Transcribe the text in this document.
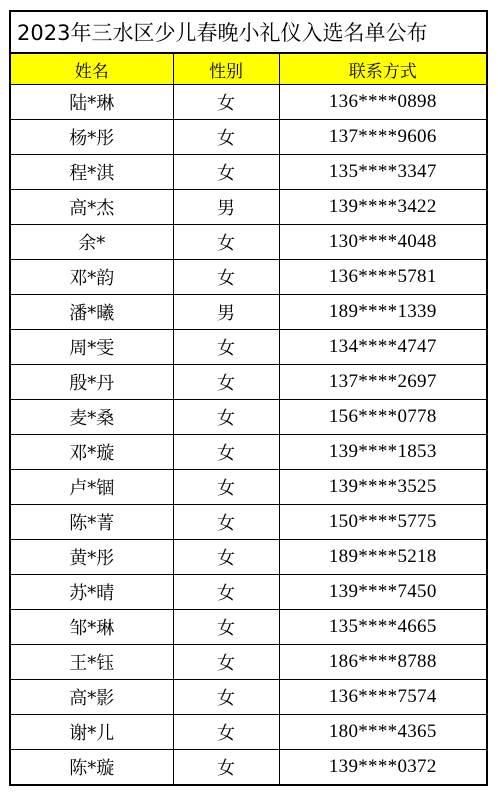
2023年三水区少儿春晚小礼仪入选名单公布
姓名	性别	联系方式
陆*琳	女	136****0898
杨*彤	女	137****9606
程*淇	女	135****3347
高*杰	男	139****3422
余*	女	130****4048
邓*韵	女	136****5781
潘*曦	男	189****1339
周*雯	女	134****4747
殷*丹	女	137****2697
麦*桑	女	156****0778
邓*璇	女	139****1853
卢*锢	女	139****3525
陈*菁	女	150****5775
黄*彤	女	189****5218
苏*晴	女	139****7450
邹*琳	女	135****4665
王*钰	女	186****8788
高*影	女	136****7574
谢*儿	女	180****4365
陈*璇	女	139****0372
